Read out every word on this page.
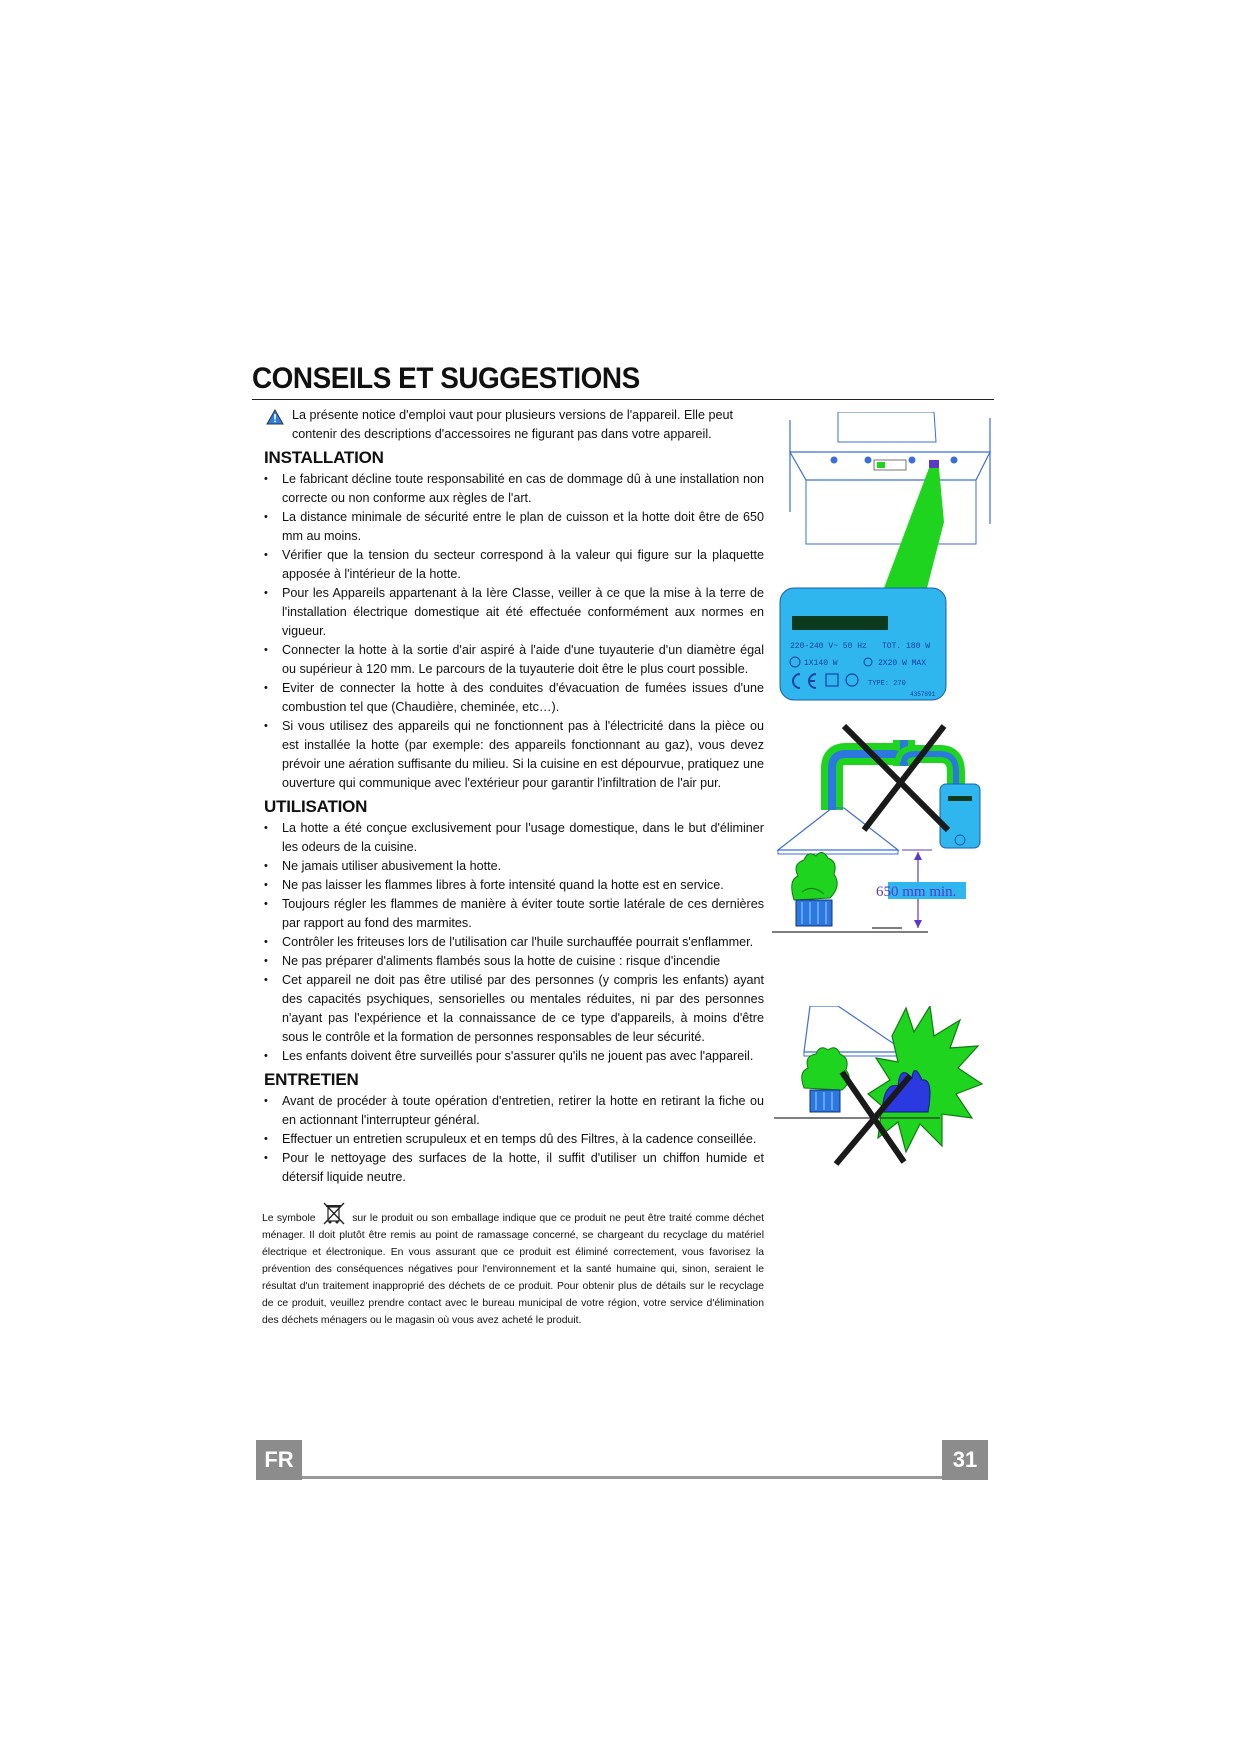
CONSEILS ET SUGGESTIONS

La présente notice d'emploi vaut pour plusieurs versions de l'appareil. Elle peut contenir des descriptions d'accessoires ne figurant pas dans votre appareil.

INSTALLATION
• Le fabricant décline toute responsabilité en cas de dommage dû à une installation non correcte ou non conforme aux règles de l'art.
• La distance minimale de sécurité entre le plan de cuisson et la hotte doit être de 650 mm au moins.
• Vérifier que la tension du secteur correspond à la valeur qui figure sur la plaquette apposée à l'intérieur de la hotte.
• Pour les Appareils appartenant à la Ière Classe, veiller à ce que la mise à la terre de l'installation électrique domestique ait été effectuée conformément aux normes en vigueur.
• Connecter la hotte à la sortie d'air aspiré à l'aide d'une tuyauterie d'un diamètre égal ou supérieur à 120 mm. Le parcours de la tuyauterie doit être le plus court possible.
• Eviter de connecter la hotte à des conduites d'évacuation de fumées issues d'une combustion tel que (Chaudière, cheminée, etc…).
• Si vous utilisez des appareils qui ne fonctionnent pas à l'électricité dans la pièce ou est installée la hotte (par exemple: des appareils fonctionnant au gaz), vous devez prévoir une aération suffisante du milieu. Si la cuisine en est dépourvue, pratiquez une ouverture qui communique avec l'extérieur pour garantir l'infiltration de l'air pur.
UTILISATION
• La hotte a été conçue exclusivement pour l'usage domestique, dans le but d'éliminer les odeurs de la cuisine.
• Ne jamais utiliser abusivement la hotte.
• Ne pas laisser les flammes libres à forte intensité quand la hotte est en service.
• Toujours régler les flammes de manière à éviter toute sortie latérale de ces dernières par rapport au fond des marmites.
• Contrôler les friteuses lors de l'utilisation car l'huile surchauffée pourrait s'enflammer.
• Ne pas préparer d'aliments flambés sous la hotte de cuisine : risque d'incendie
• Cet appareil ne doit pas être utilisé par des personnes (y compris les enfants) ayant des capacités psychiques, sensorielles ou mentales réduites, ni par des personnes n'ayant pas l'expérience et la connaissance de ce type d'appareils, à moins d'être sous le contrôle et la formation de personnes responsables de leur sécurité.
• Les enfants doivent être surveillés pour s'assurer qu'ils ne jouent pas avec l'appareil.
ENTRETIEN
• Avant de procéder à toute opération d'entretien, retirer la hotte en retirant la fiche ou en actionnant l'interrupteur général.
• Effectuer un entretien scrupuleux et en temps dû des Filtres, à la cadence conseillée.
• Pour le nettoyage des surfaces de la hotte, il suffit d'utiliser un chiffon humide et détersif liquide neutre.
Le symbole	sur le produit ou son emballage indique que ce produit ne peut être traité comme déchet ménager. Il doit plutôt être remis au point de ramassage concerné, se chargeant du recyclage du matériel électrique et électronique. En vous assurant que ce produit est éliminé correctement, vous favorisez la prévention des conséquences négatives pour l'environnement et la santé humaine qui, sinon, seraient le résultat d'un traitement inapproprié des déchets de ce produit. Pour obtenir plus de détails sur le recyclage de ce produit, veuillez prendre contact avec le bureau municipal de votre région, votre service d'élimination des déchets ménagers ou le magasin où vous avez acheté le produit.
220-240 V~ 50 Hz TOT. 180 W
1X140 W	2X20 W MAX
TYPE: 270
4357891
650 mm min.
FR	31
